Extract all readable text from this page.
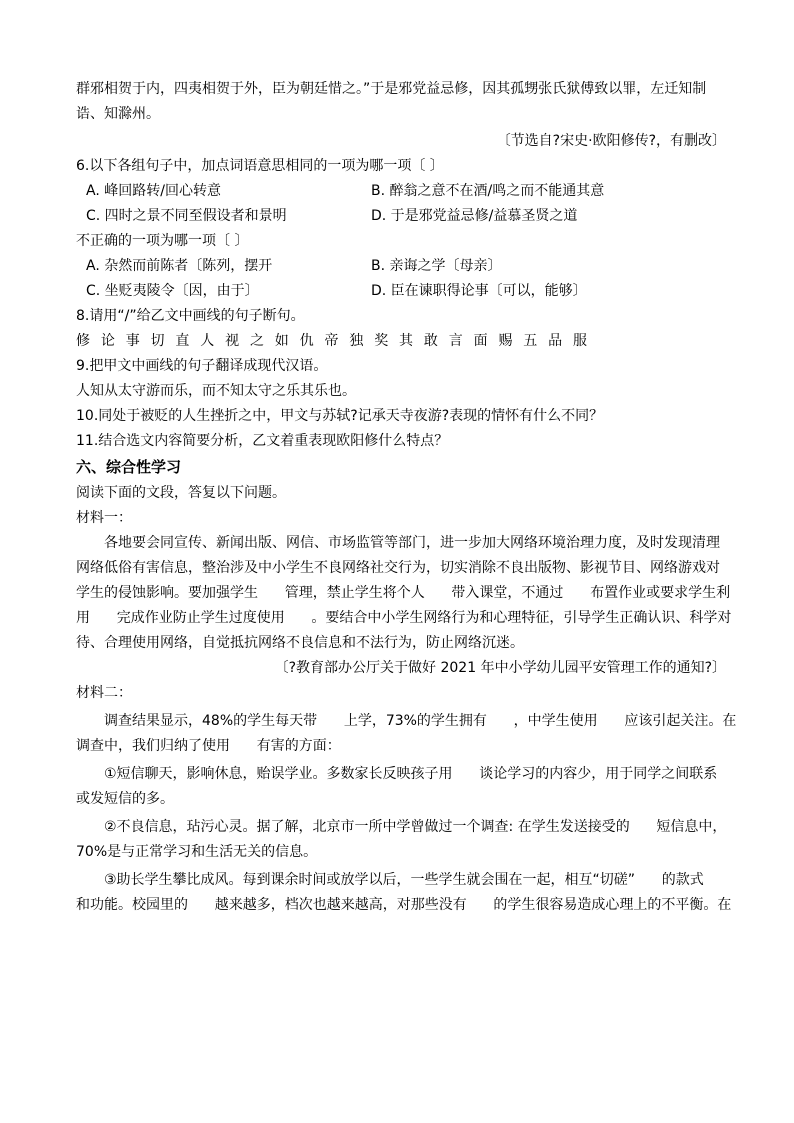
群邪相贺于内，四夷相贺于外，臣为朝廷惜之。”于是邪党益忌修，因其孤甥张氏狱傅致以罪，左迁知制

诰、知滁州。

〔节选自?宋史·欧阳修传?，有删改〕

6.以下各组句子中，加点词语意思相同的一项为哪一项〔 〕

A. 峰回路转/回心转意	B. 醉翁之意不在酒/鸣之而不能通其意
C. 四时之景不同至假设者和景明	D. 于是邪党益忌修/益慕圣贤之道

不正确的一项为哪一项〔 〕

A. 杂然而前陈者〔陈列，摆开	B. 亲诲之学〔母亲〕
C. 坐贬夷陵令〔因，由于〕	D. 臣在谏职得论事〔可以，能够〕

8.请用“/”给乙文中画线的句子断句。

修 论 事 切 直 人 视 之 如 仇 帝 独 奖 其 敢 言 面 赐 五 品 服

9.把甲文中画线的句子翻译成现代汉语。

人知从太守游而乐，而不知太守之乐其乐也。

10.同处于被贬的人生挫折之中，甲文与苏轼?记承天寺夜游?表现的情怀有什么不同？

11.结合选文内容简要分析，乙文着重表现欧阳修什么特点？

六、综合性学习

阅读下面的文段，答复以下问题。

材料一：

各地要会同宣传、新闻出版、网信、市场监管等部门，进一步加大网络环境治理力度，及时发现清理

网络低俗有害信息，整治涉及中小学生不良网络社交行为，切实消除不良出版物、影视节目、网络游戏对

学生的侵蚀影响。要加强学生      管理，禁止学生将个人      带入课堂，不通过      布置作业或要求学生利

用      完成作业防止学生过度使用      。要结合中小学生网络行为和心理特征，引导学生正确认识、科学对

待、合理使用网络，自觉抵抗网络不良信息和不法行为，防止网络沉迷。

〔?教育部办公厅关于做好 2021 年中小学幼儿园平安管理工作的通知?〕

材料二：

调查结果显示，48%的学生每天带      上学，73%的学生拥有      ，中学生使用      应该引起关注。在

调查中，我们归纳了使用      有害的方面：

①短信聊天，影响休息，贻误学业。多数家长反映孩子用      谈论学习的内容少，用于同学之间联系

或发短信的多。

②不良信息，玷污心灵。据了解，北京市一所中学曾做过一个调查: 在学生发送接受的      短信息中，

70%是与正常学习和生活无关的信息。

③助长学生攀比成风。每到课余时间或放学以后，一些学生就会围在一起，相互“切磋”      的款式

和功能。校园里的      越来越多，档次也越来越高，对那些没有      的学生很容易造成心理上的不平衡。在
